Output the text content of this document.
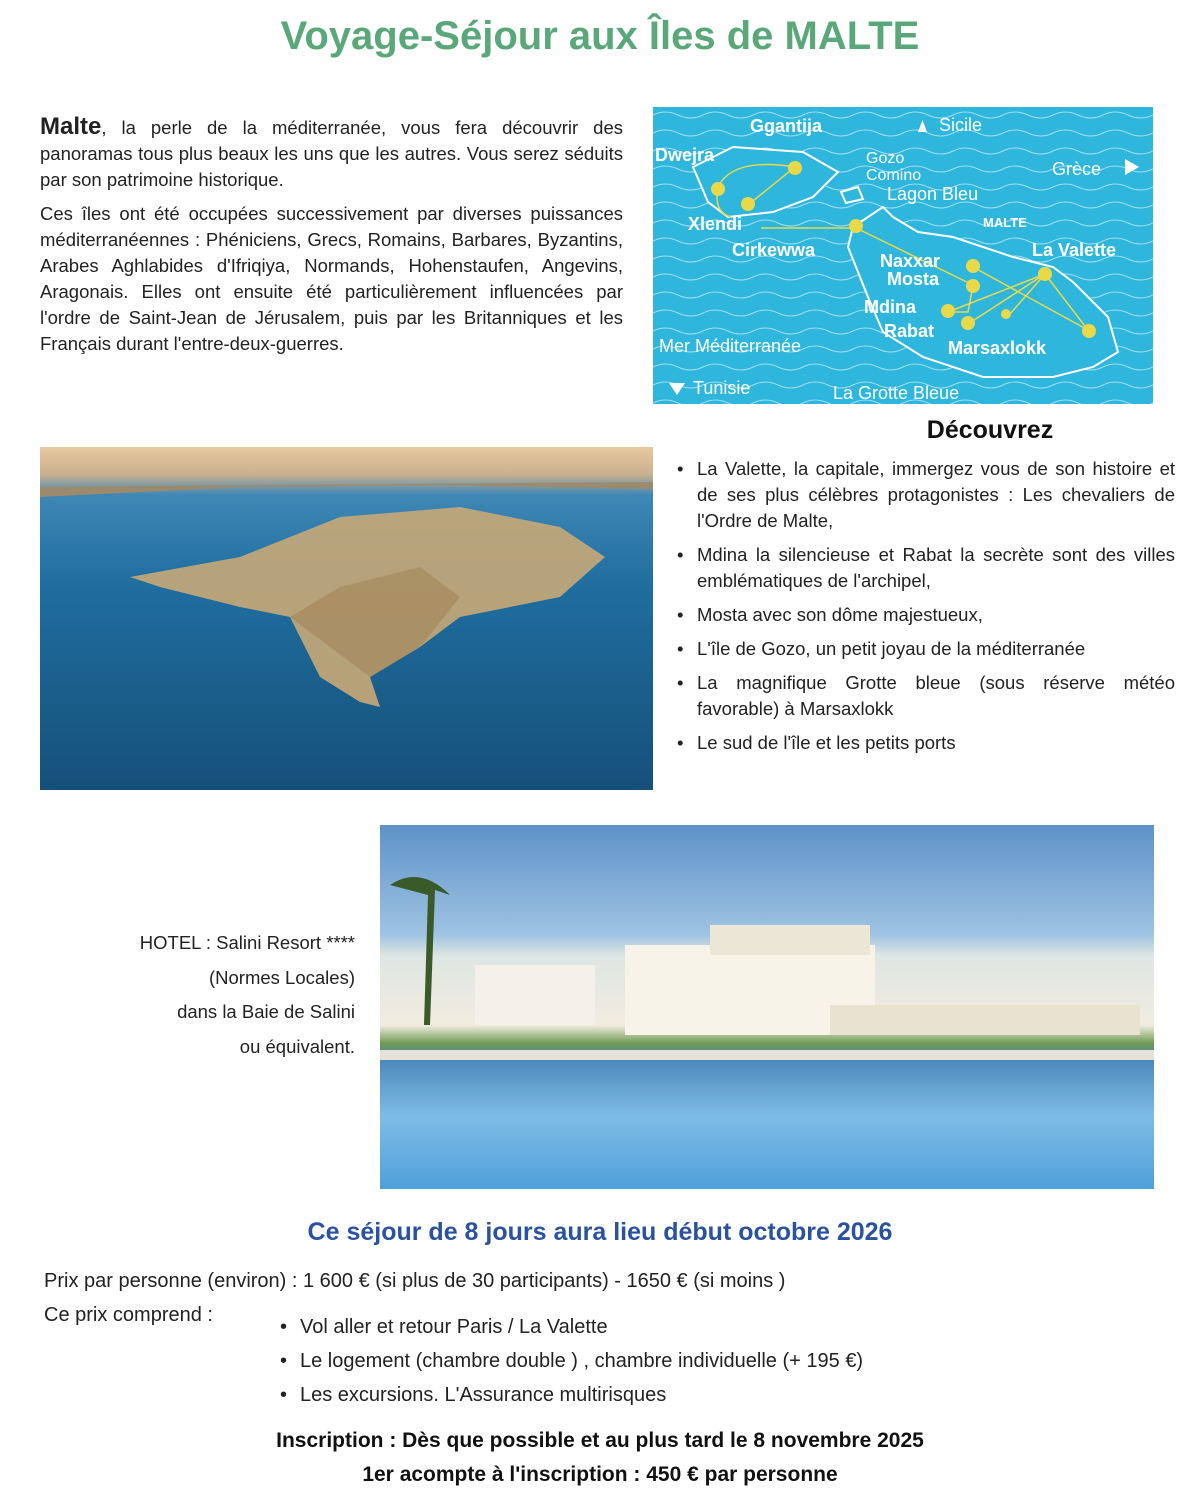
Voyage-Séjour aux Îles de MALTE

Malte, la perle de la méditerranée, vous fera découvrir des panoramas tous plus beaux les uns que les autres. Vous serez séduits par son patrimoine historique.

Ces îles ont été occupées successivement par diverses puissances méditerranéennes : Phéniciens, Grecs, Romains, Barbares, Byzantins, Arabes Aghlabides d'Ifriqiya, Normands, Hohenstaufen, Angevins, Aragonais. Elles ont ensuite été particulièrement influencées par l'ordre de Saint-Jean de Jérusalem, puis par les Britanniques et les Français durant l'entre-deux-guerres.

Ggantija	Sicile
Dwejra	Gozo
Comino
Lagon Bleu
Grèce
Xlendi	MALTE
Cirkewwa	La Valette
Naxxar
Mosta
Mdina
Rabat
Mer Méditerranée	Marsaxlokk
Tunisie	La Grotte Bleue
Découvrez
• La Valette, la capitale, immergez vous de son histoire et de ses plus célèbres protagonistes : Les chevaliers de l'Ordre de Malte,
• Mdina la silencieuse et Rabat la secrète sont des villes emblématiques de l'archipel,
• Mosta avec son dôme majestueux,
• L'île de Gozo, un petit joyau de la méditerranée
• La magnifique Grotte bleue (sous réserve météo favorable) à Marsaxlokk
• Le sud de l'île et les petits ports
HOTEL : Salini Resort ****
(Normes Locales)
dans la Baie de Salini
ou équivalent.
Ce séjour de 8 jours aura lieu début octobre 2026
Prix par personne (environ) : 1 600 € (si plus de 30 participants) - 1650 € (si moins )
Ce prix comprend :
• Vol aller et retour Paris / La Valette
• Le logement (chambre double ) , chambre individuelle (+ 195 €)
• Les excursions. L'Assurance multirisques
Inscription : Dès que possible et au plus tard le 8 novembre 2025
1er acompte à l'inscription : 450 € par personne
